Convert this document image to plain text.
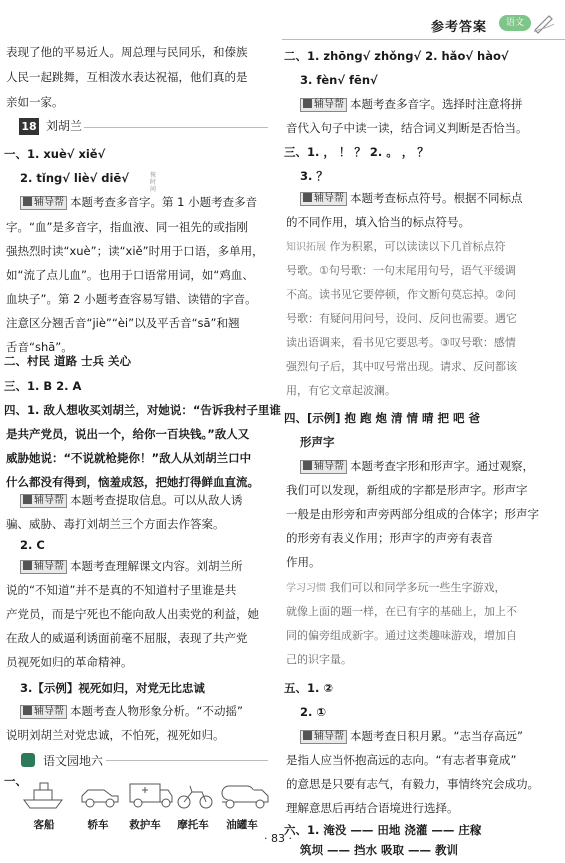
参考答案	语文
表现了他的平易近人。周总理与民同乐，和傣族
人民一起跳舞，互相泼水表达祝福，他们真的是
亲如一家。
18 刘胡兰
一、1. xuè√ xiě√
2. tǐng√ liè√ diē√	恢
时
间
辅导帮 本题考查多音字。第 1 小题考查多音
字。“血”是多音字，指血液、同一祖先的或指刚
强热烈时读“xuè”；读“xiě”时用于口语，多单用，
如“流了点儿血”。也用于口语常用词，如“鸡血、
血块子”。第 2 小题考查容易写错、读错的字音。
注意区分翘舌音“jiè”“èi”以及平舌音“sā”和翘
舌音“shā”。
二、村民 道路 士兵 关心
三、1. B 2. A
四、1. 敌人想收买刘胡兰，对她说：“告诉我村子里谁
是共产党员，说出一个，给你一百块钱。”敌人又
威胁她说：“不说就枪毙你！”敌人从刘胡兰口中
什么都没有得到，恼羞成怒，把她打得鲜血直流。
辅导帮 本题考查提取信息。可以从敌人诱
骗、威胁、毒打刘胡兰三个方面去作答案。
2. C
辅导帮 本题考查理解课文内容。刘胡兰所
说的“不知道”并不是真的不知道村子里谁是共
产党员，而是宁死也不能向敌人出卖党的利益，她
在敌人的威逼利诱面前毫不屈服，表现了共产党
员视死如归的革命精神。
3.【示例】视死如归，对党无比忠诚
辅导帮 本题考查人物形象分析。“不动摇”
说明刘胡兰对党忠诚，不怕死，视死如归。
语文园地六
一、
客船	轿车	救护车	摩托车	油罐车
二、1. zhōng√ zhǒng√ 2. hǎo√ hào√
3. fèn√ fēn√
辅导帮 本题考查多音字。选择时注意将拼
音代入句子中读一读，结合词义判断是否恰当。
三、1. ， ！ ？ 2. 。 ， ？
3. ？
辅导帮 本题考查标点符号。根据不同标点
的不同作用，填入恰当的标点符号。
知识拓展 作为积累，可以读读以下几首标点符
号歌。①句号歌：一句末尾用句号，语气平缓调
不高。读书见它要停顿，作文断句莫忘掉。②问
号歌：有疑问用问号，设问、反问也需要。遇它
读出语调来，看书见它要思考。③叹号歌：感情
强烈句子后，其中叹号常出现。请求、反问都该
用，有它文章起波澜。
四、[示例] 抱 跑 炮 清 情 晴 把 吧 爸
形声字
辅导帮 本题考查字形和形声字。通过观察，
我们可以发现，新组成的字都是形声字。形声字
一般是由形旁和声旁两部分组成的合体字；形声字
的形旁有表义作用；形声字的声旁有表音
作用。
学习习惯 我们可以和同学多玩一些生字游戏，
就像上面的题一样，在已有字的基础上，加上不
同的偏旁组成新字。通过这类趣味游戏，增加自
己的识字量。
五、1. ②
2. ①
辅导帮 本题考查日积月累。“志当存高远”
是指人应当怀抱高远的志向。“有志者事竟成”
的意思是只要有志气，有毅力，事情终究会成功。
理解意思后再结合语境进行选择。
六、1. 淹没 —— 田地 浇灌 —— 庄稼
筑坝 —— 挡水 吸取 —— 教训
· 83 ·
